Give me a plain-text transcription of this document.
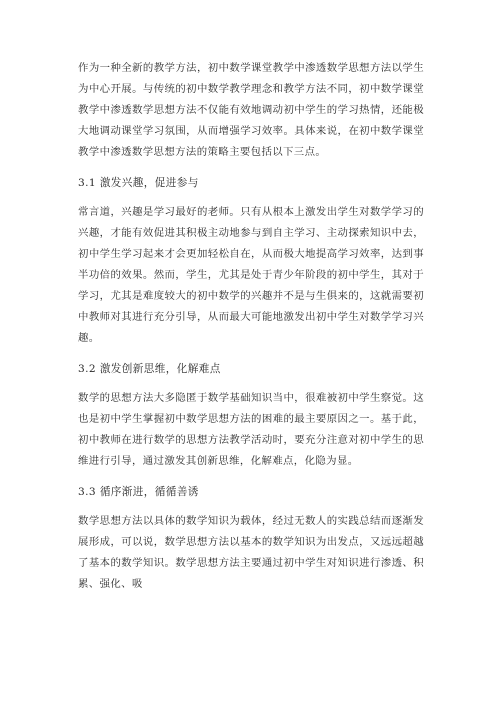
作为一种全新的教学方法，初中数学课堂教学中渗透数学思想方法以学生为中心开展。与传统的初中数学教学理念和教学方法不同，初中数学课堂教学中渗透数学思想方法不仅能有效地调动初中学生的学习热情，还能极大地调动课堂学习氛围，从而增强学习效率。具体来说，在初中数学课堂教学中渗透数学思想方法的策略主要包括以下三点。

3.1 激发兴趣，促进参与

常言道，兴趣是学习最好的老师。只有从根本上激发出学生对数学学习的兴趣，才能有效促进其积极主动地参与到自主学习、主动探索知识中去，初中学生学习起来才会更加轻松自在，从而极大地提高学习效率，达到事半功倍的效果。然而，学生，尤其是处于青少年阶段的初中学生，其对于学习，尤其是难度较大的初中数学的兴趣并不是与生俱来的，这就需要初中教师对其进行充分引导，从而最大可能地激发出初中学生对数学学习兴趣。

3.2 激发创新思维，化解难点

数学的思想方法大多隐匿于数学基础知识当中，很难被初中学生察觉。这也是初中学生掌握初中数学思想方法的困难的最主要原因之一。基于此，初中教师在进行数学的思想方法教学活动时，要充分注意对初中学生的思维进行引导，通过激发其创新思维，化解难点，化隐为显。

3.3 循序渐进，循循善诱

数学思想方法以具体的数学知识为载体，经过无数人的实践总结而逐渐发展形成，可以说，数学思想方法以基本的数学知识为出发点，又远远超越了基本的数学知识。数学思想方法主要通过初中学生对知识进行渗透、积累、强化、吸
